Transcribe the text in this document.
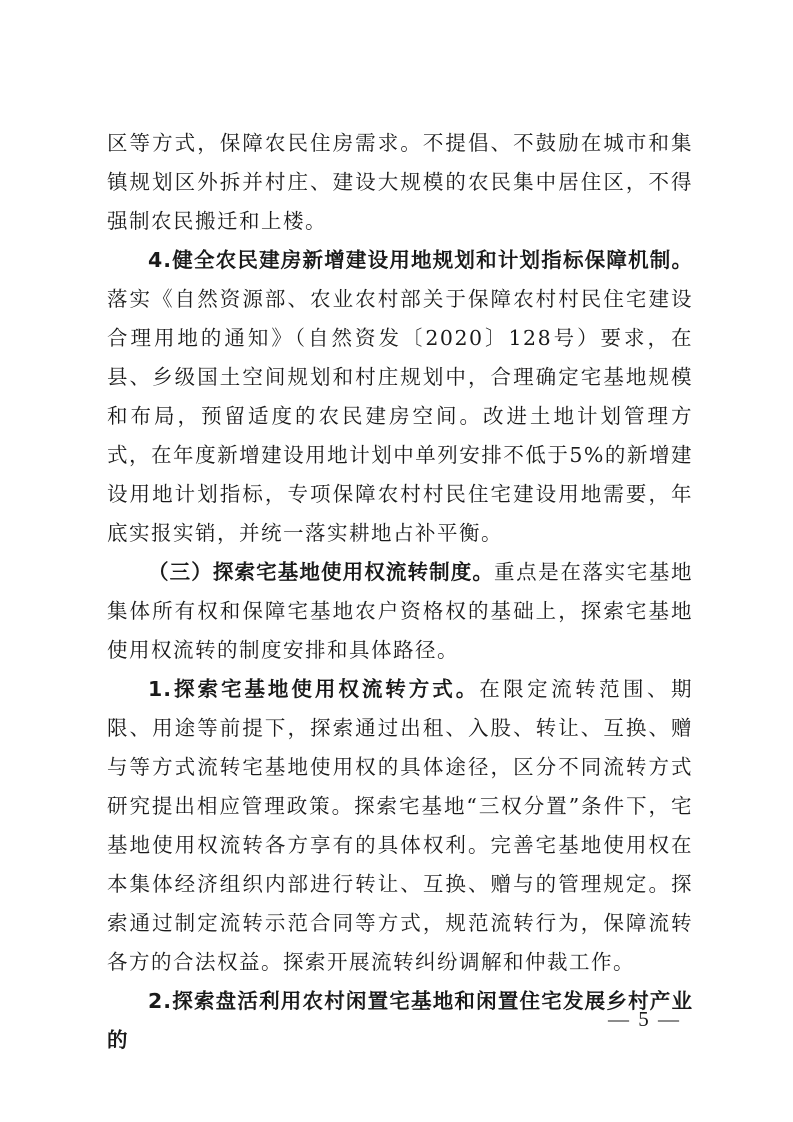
区等方式，保障农民住房需求。不提倡、不鼓励在城市和集镇规划区外拆并村庄、建设大规模的农民集中居住区，不得强制农民搬迁和上楼。

4.健全农民建房新增建设用地规划和计划指标保障机制。落实《自然资源部、农业农村部关于保障农村村民住宅建设合理用地的通知》（自然资发〔2020〕128号）要求，在县、乡级国土空间规划和村庄规划中，合理确定宅基地规模和布局，预留适度的农民建房空间。改进土地计划管理方式，在年度新增建设用地计划中单列安排不低于5%的新增建设用地计划指标，专项保障农村村民住宅建设用地需要，年底实报实销，并统一落实耕地占补平衡。

（三）探索宅基地使用权流转制度。重点是在落实宅基地集体所有权和保障宅基地农户资格权的基础上，探索宅基地使用权流转的制度安排和具体路径。

1.探索宅基地使用权流转方式。在限定流转范围、期限、用途等前提下，探索通过出租、入股、转让、互换、赠与等方式流转宅基地使用权的具体途径，区分不同流转方式研究提出相应管理政策。探索宅基地“三权分置”条件下，宅基地使用权流转各方享有的具体权利。完善宅基地使用权在本集体经济组织内部进行转让、互换、赠与的管理规定。探索通过制定流转示范合同等方式，规范流转行为，保障流转各方的合法权益。探索开展流转纠纷调解和仲裁工作。

2.探索盘活利用农村闲置宅基地和闲置住宅发展乡村产业的

— 5 —
